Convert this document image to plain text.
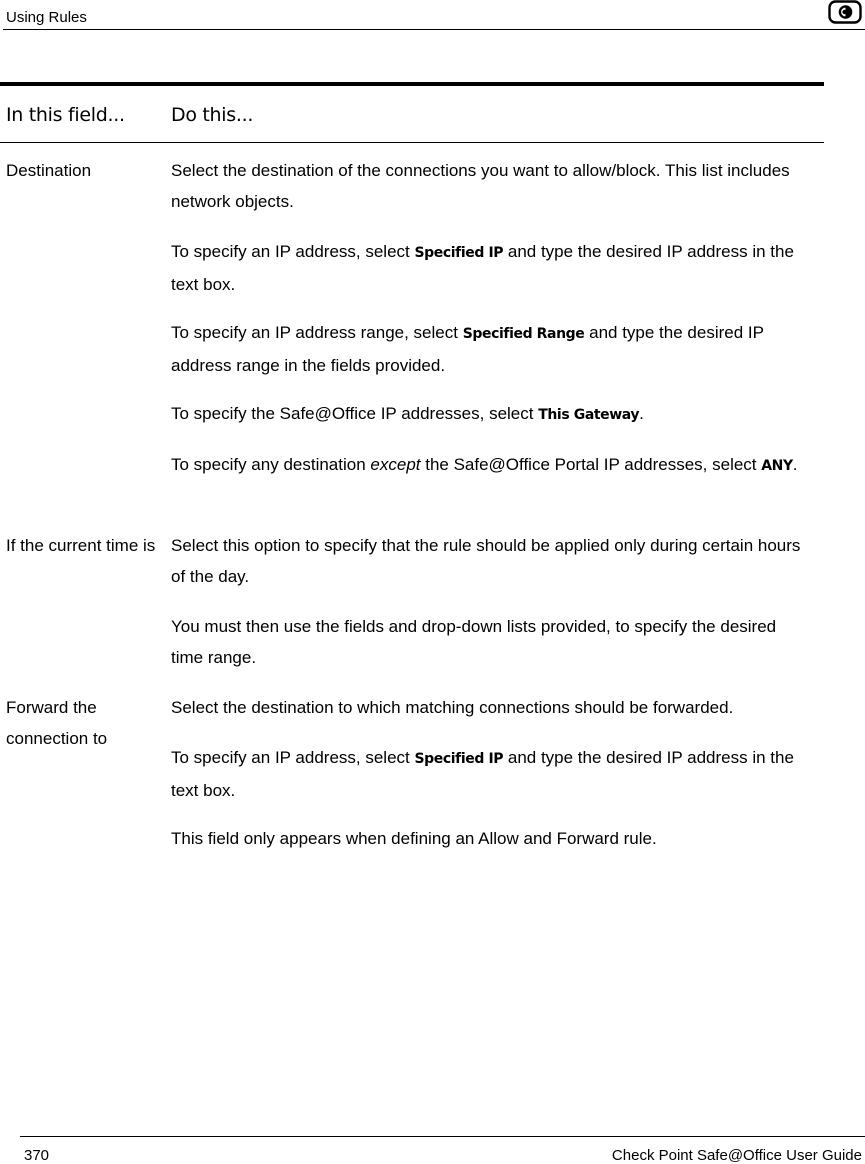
Using Rules
In this field... Do this...
Destination	Select the destination of the connections you want to allow/block. This list includes network objects.
To specify an IP address, select Specified IP and type the desired IP address in the text box.
To specify an IP address range, select Specified Range and type the desired IP address range in the fields provided.
To specify the Safe@Office IP addresses, select This Gateway.
To specify any destination except the Safe@Office Portal IP addresses, select ANY.
If the current time is Select this option to specify that the rule should be applied only during certain hours of the day.
You must then use the fields and drop-down lists provided, to specify the desired time range.
Forward the connection to
Select the destination to which matching connections should be forwarded.
To specify an IP address, select Specified IP and type the desired IP address in the text box.
This field only appears when defining an Allow and Forward rule.
370	Check Point Safe@Office User Guide
